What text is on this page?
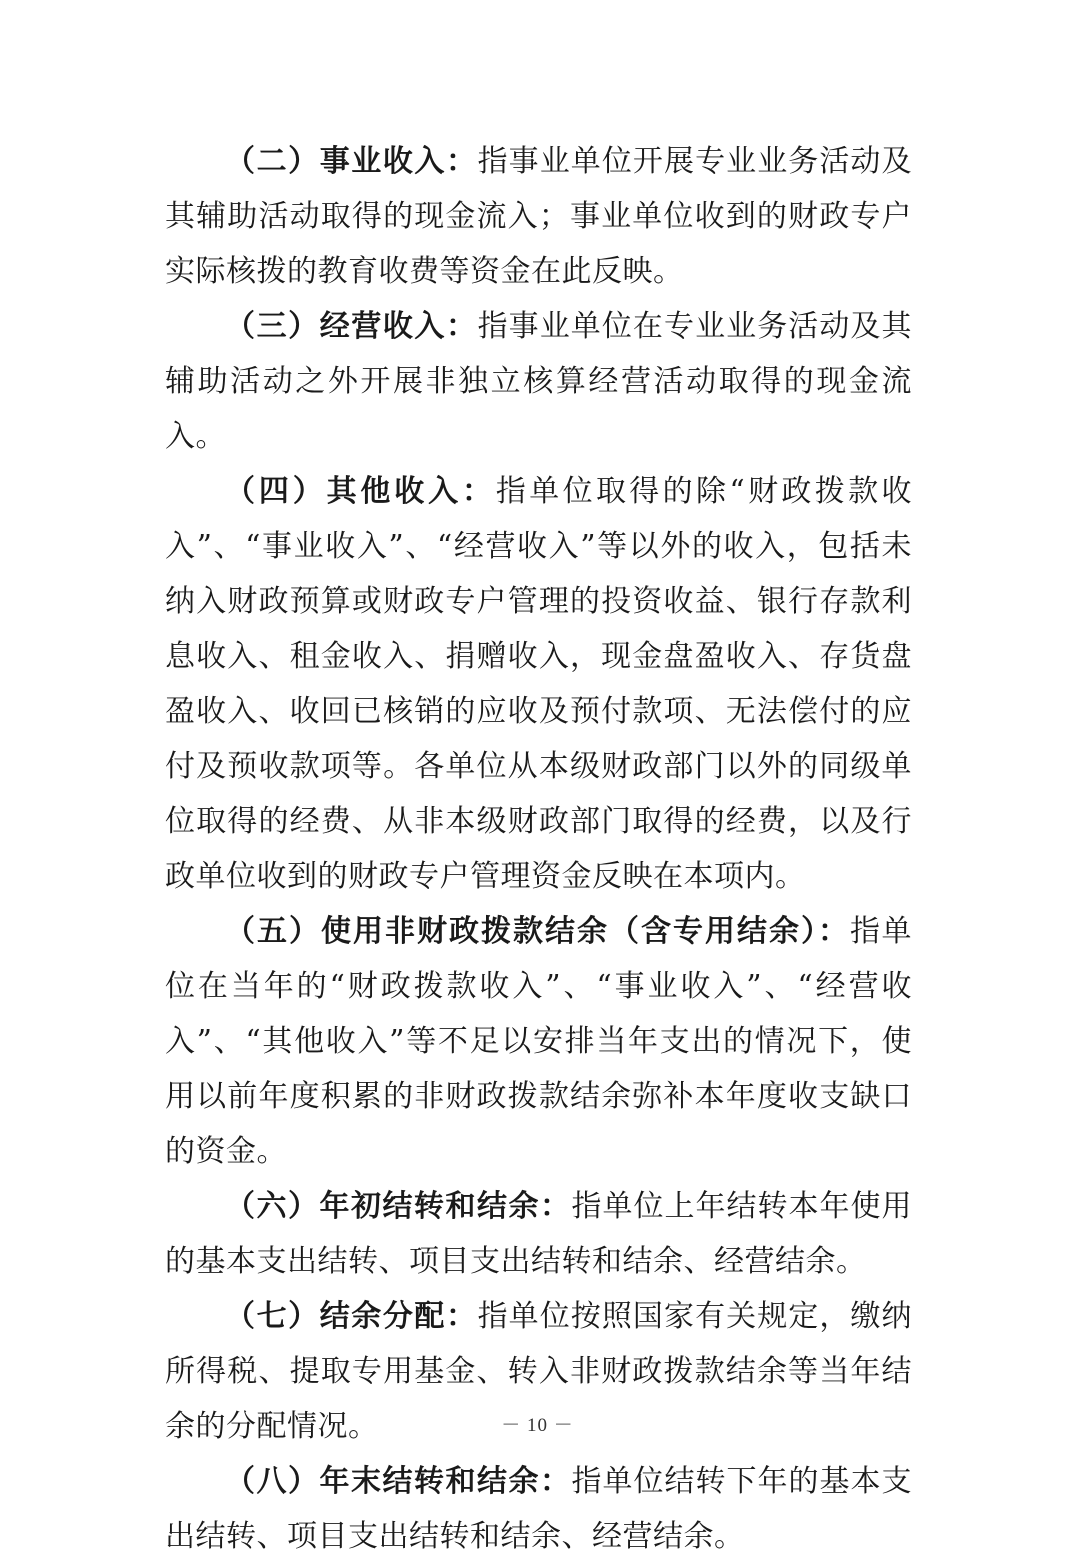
（二）事业收入：指事业单位开展专业业务活动及其辅助活动取得的现金流入；事业单位收到的财政专户实际核拨的教育收费等资金在此反映。

（三）经营收入：指事业单位在专业业务活动及其辅助活动之外开展非独立核算经营活动取得的现金流入。

（四）其他收入：指单位取得的除“财政拨款收入”、“事业收入”、“经营收入”等以外的收入，包括未纳入财政预算或财政专户管理的投资收益、银行存款利息收入、租金收入、捐赠收入，现金盘盈收入、存货盘盈收入、收回已核销的应收及预付款项、无法偿付的应付及预收款项等。各单位从本级财政部门以外的同级单位取得的经费、从非本级财政部门取得的经费，以及行政单位收到的财政专户管理资金反映在本项内。

（五）使用非财政拨款结余（含专用结余）：指单位在当年的“财政拨款收入”、“事业收入”、“经营收入”、“其他收入”等不足以安排当年支出的情况下，使用以前年度积累的非财政拨款结余弥补本年度收支缺口的资金。

（六）年初结转和结余：指单位上年结转本年使用的基本支出结转、项目支出结转和结余、经营结余。

（七）结余分配：指单位按照国家有关规定，缴纳所得税、提取专用基金、转入非财政拨款结余等当年结余的分配情况。

（八）年末结转和结余：指单位结转下年的基本支出结转、项目支出结转和结余、经营结余。

－ 10 －
